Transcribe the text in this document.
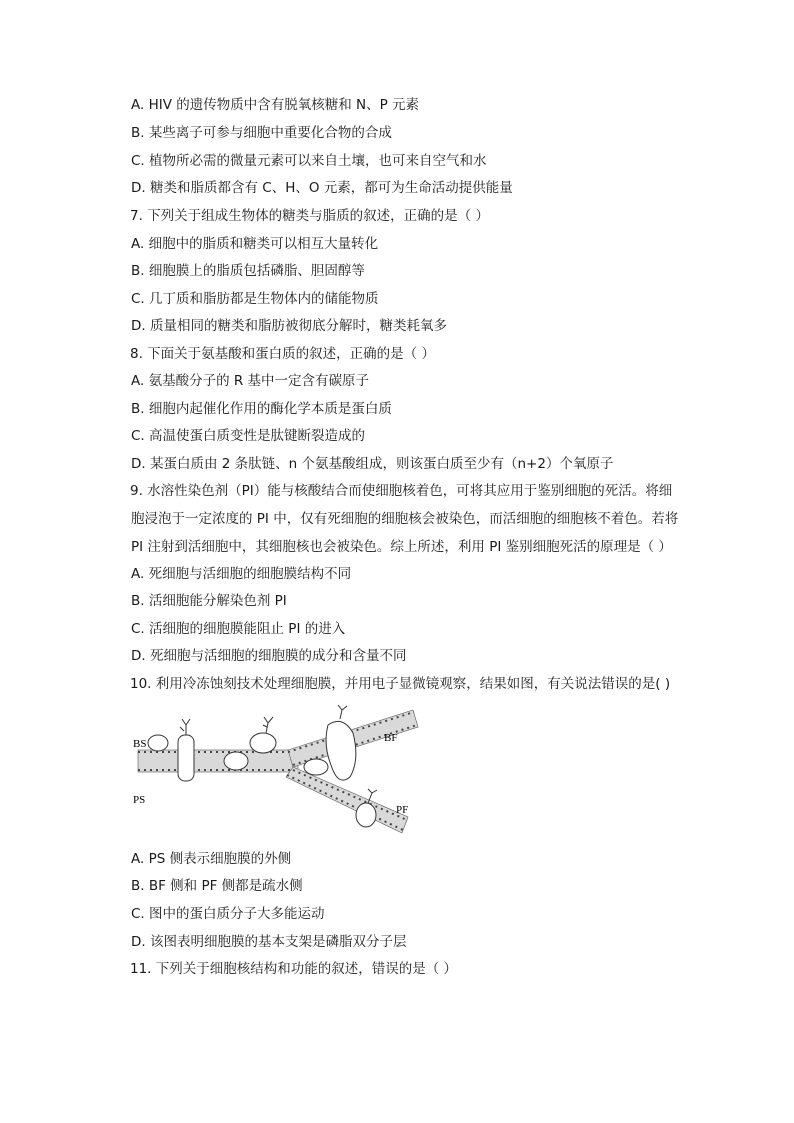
A. HIV 的遗传物质中含有脱氧核糖和 N、P 元素
B. 某些离子可参与细胞中重要化合物的合成
C. 植物所必需的微量元素可以来自土壤，也可来自空气和水
D. 糖类和脂质都含有 C、H、O 元素，都可为生命活动提供能量
7. 下列关于组成生物体的糖类与脂质的叙述，正确的是（ ）
A. 细胞中的脂质和糖类可以相互大量转化
B. 细胞膜上的脂质包括磷脂、胆固醇等
C. 几丁质和脂肪都是生物体内的储能物质
D. 质量相同的糖类和脂肪被彻底分解时，糖类耗氧多
8. 下面关于氨基酸和蛋白质的叙述，正确的是（ ）
A. 氨基酸分子的 R 基中一定含有碳原子
B. 细胞内起催化作用的酶化学本质是蛋白质
C. 高温使蛋白质变性是肽键断裂造成的
D. 某蛋白质由 2 条肽链、n 个氨基酸组成，则该蛋白质至少有（n+2）个氧原子
9. 水溶性染色剂（PI）能与核酸结合而使细胞核着色，可将其应用于鉴别细胞的死活。将细
胞浸泡于一定浓度的 PI 中，仅有死细胞的细胞核会被染色，而活细胞的细胞核不着色。若将
PI 注射到活细胞中，其细胞核也会被染色。综上所述，利用 PI 鉴别细胞死活的原理是（ ）
A. 死细胞与活细胞的细胞膜结构不同
B. 活细胞能分解染色剂 PI
C. 活细胞的细胞膜能阻止 PI 的进入
D. 死细胞与活细胞的细胞膜的成分和含量不同
10. 利用冷冻蚀刻技术处理细胞膜，并用电子显微镜观察，结果如图，有关说法错误的是( )
BS
PS
BF
PF
A. PS 侧表示细胞膜的外侧
B. BF 侧和 PF 侧都是疏水侧
C. 图中的蛋白质分子大多能运动
D. 该图表明细胞膜的基本支架是磷脂双分子层
11. 下列关于细胞核结构和功能的叙述，错误的是（ ）
